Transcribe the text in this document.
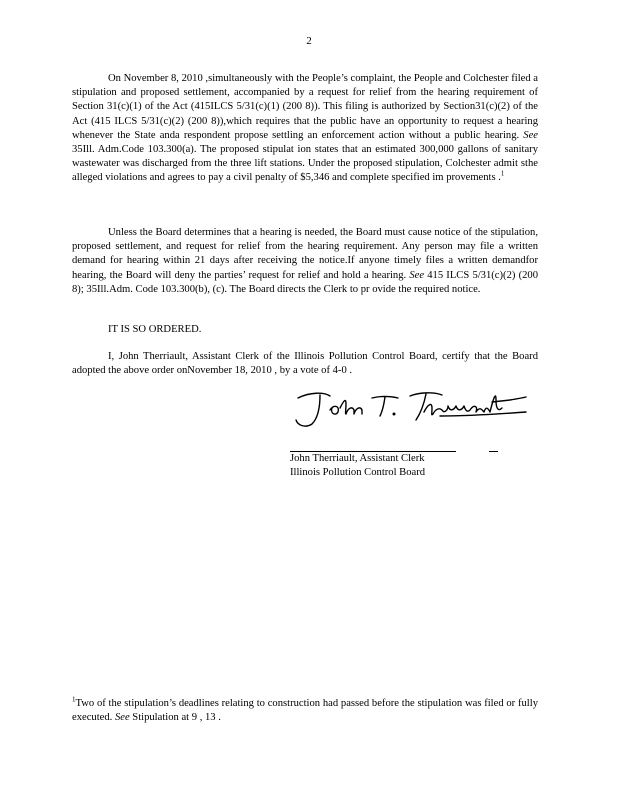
2

On November 8, 2010 ,simultaneously with the People’s complaint, the People and Colchester filed a stipulation and proposed settlement, accompanied by a request for relief from the hearing requirement of Section 31(c)(1) of the Act (415ILCS 5/31(c)(1) (200 8)). This filing is authorized by Section31(c)(2) of the Act (415 ILCS 5/31(c)(2) (200 8)),which requires that the public have an opportunity to request a hearing whenever the State anda respondent propose settling an enforcement action without a public hearing. See 35Ill. Adm.Code 103.300(a). The proposed stipulat ion states that an estimated 300,000 gallons of sanitary wastewater was discharged from the three lift stations. Under the proposed stipulation, Colchester admit sthe alleged violations and agrees to pay a civil penalty of $5,346 and complete specified im provements .$^1$

Unless the Board determines that a hearing is needed, the Board must cause notice of the stipulation, proposed settlement, and request for relief from the hearing requirement. Any person may file a written demand for hearing within 21 days after receiving the notice.If anyone timely files a written demandfor hearing, the Board will deny the parties’ request for relief and hold a hearing. See 415 ILCS 5/31(c)(2) (200 8); 35Ill.Adm. Code 103.300(b), (c). The Board directs the Clerk to pr ovide the required notice.

IT IS SO ORDERED.

I, John Therriault, Assistant Clerk of the Illinois Pollution Control Board, certify that the Board adopted the above order onNovember 18, 2010 , by a vote of 4-0 .

John Therriault, Assistant Clerk
Illinois Pollution Control Board

$^1$Two of the stipulation’s deadlines relating to construction had passed before the stipulation was filed or fully executed. See Stipulation at 9 , 13 .
